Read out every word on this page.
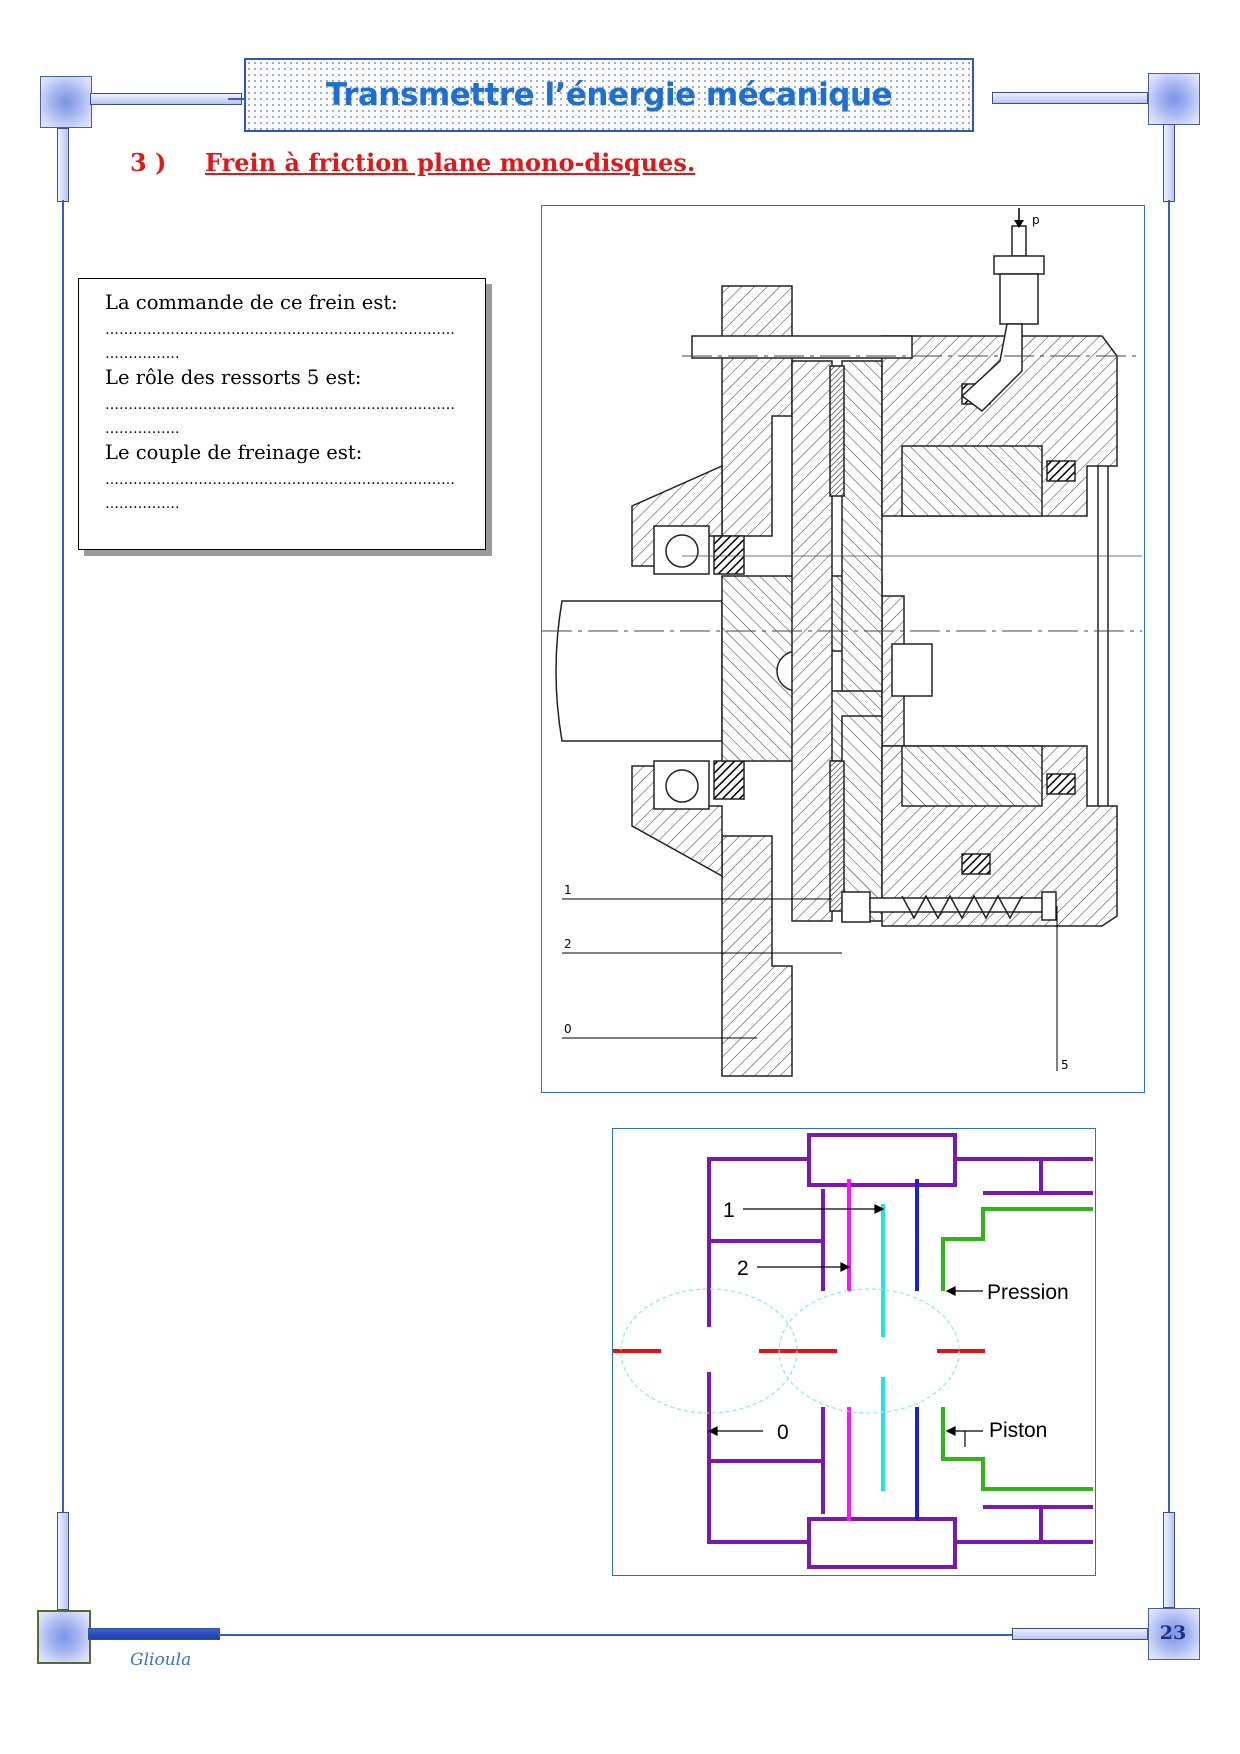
Transmettre l’énergie mécanique
3 ) Frein à friction plane mono-disques.
La commande de ce frein est:
…………………………………………………………………
…………….
Le rôle des ressorts 5 est:
…………………………………………………………………
…………….
Le couple de freinage est:
…………………………………………………………………
…………….
p
1
2
0
5
1
2
0
Pression
Piston
23
Glioula
